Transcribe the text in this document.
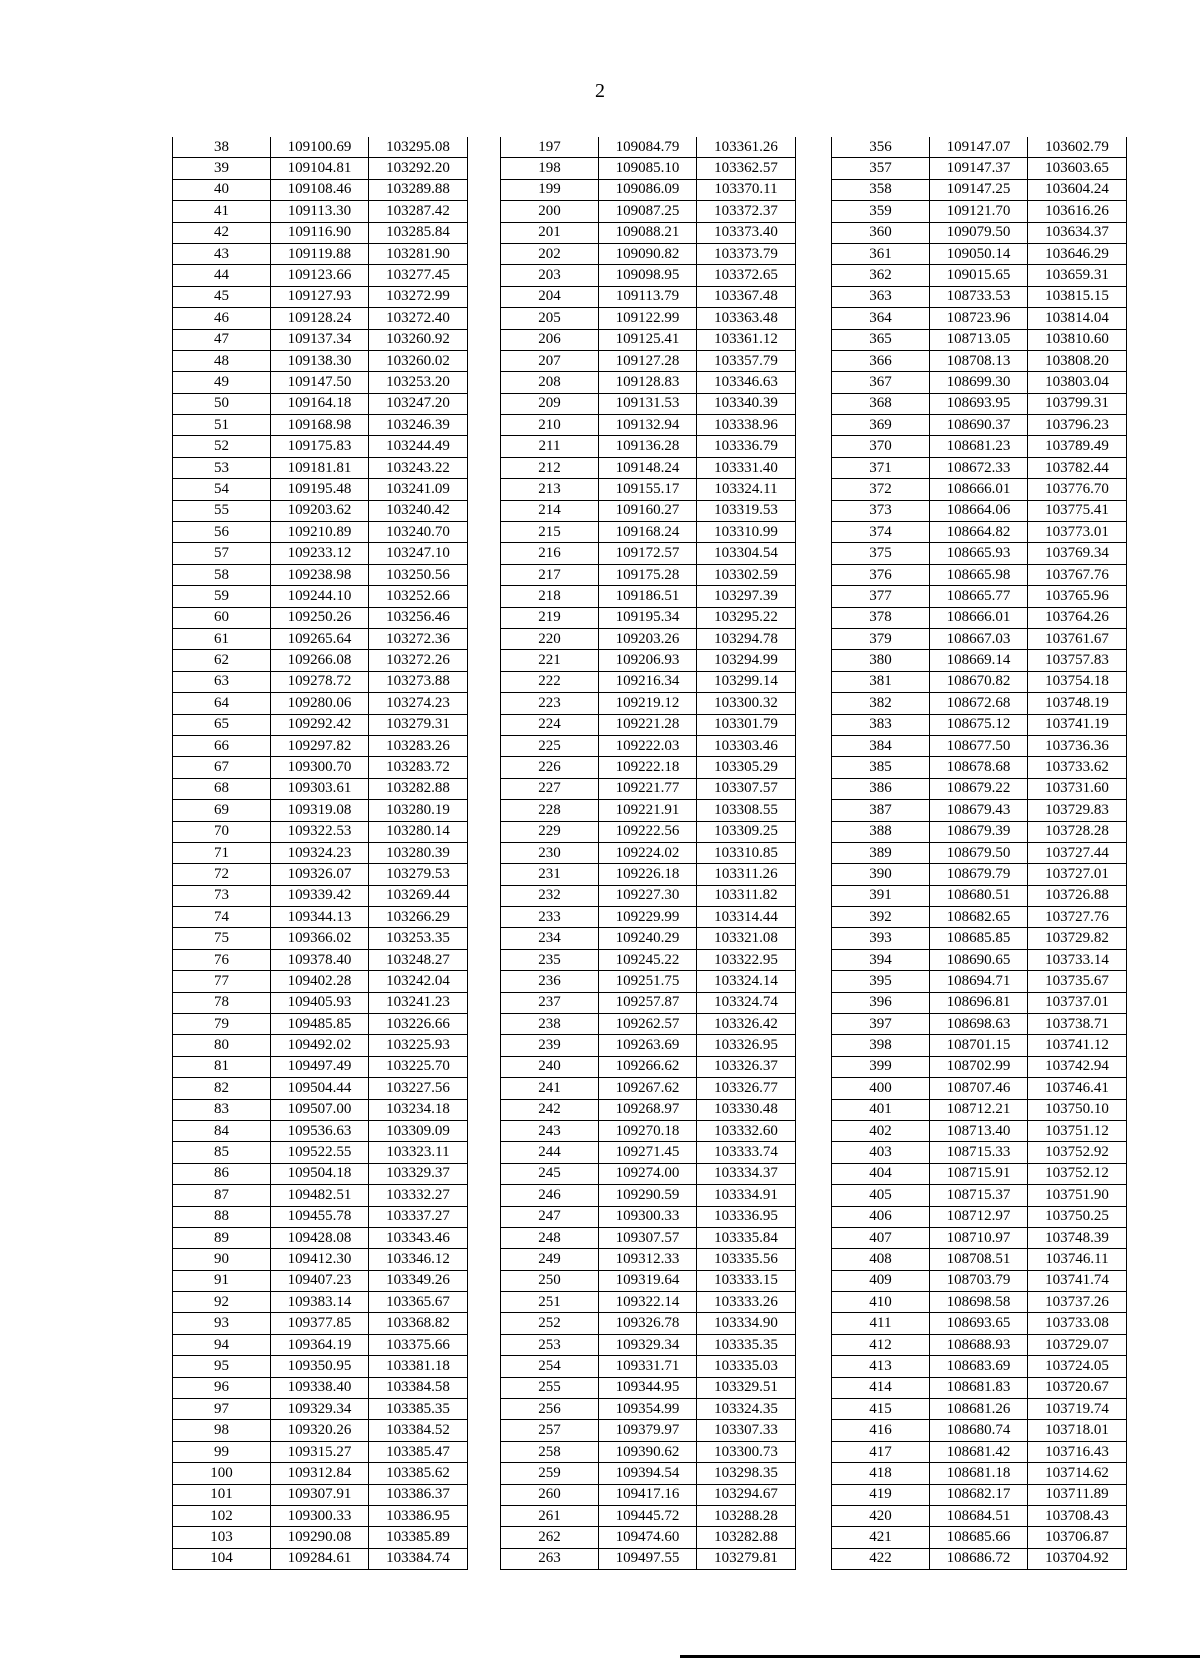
2
38	109100.69	103295.08
39	109104.81	103292.20
40	109108.46	103289.88
41	109113.30	103287.42
42	109116.90	103285.84
43	109119.88	103281.90
44	109123.66	103277.45
45	109127.93	103272.99
46	109128.24	103272.40
47	109137.34	103260.92
48	109138.30	103260.02
49	109147.50	103253.20
50	109164.18	103247.20
51	109168.98	103246.39
52	109175.83	103244.49
53	109181.81	103243.22
54	109195.48	103241.09
55	109203.62	103240.42
56	109210.89	103240.70
57	109233.12	103247.10
58	109238.98	103250.56
59	109244.10	103252.66
60	109250.26	103256.46
61	109265.64	103272.36
62	109266.08	103272.26
63	109278.72	103273.88
64	109280.06	103274.23
65	109292.42	103279.31
66	109297.82	103283.26
67	109300.70	103283.72
68	109303.61	103282.88
69	109319.08	103280.19
70	109322.53	103280.14
71	109324.23	103280.39
72	109326.07	103279.53
73	109339.42	103269.44
74	109344.13	103266.29
75	109366.02	103253.35
76	109378.40	103248.27
77	109402.28	103242.04
78	109405.93	103241.23
79	109485.85	103226.66
80	109492.02	103225.93
81	109497.49	103225.70
82	109504.44	103227.56
83	109507.00	103234.18
84	109536.63	103309.09
85	109522.55	103323.11
86	109504.18	103329.37
87	109482.51	103332.27
88	109455.78	103337.27
89	109428.08	103343.46
90	109412.30	103346.12
91	109407.23	103349.26
92	109383.14	103365.67
93	109377.85	103368.82
94	109364.19	103375.66
95	109350.95	103381.18
96	109338.40	103384.58
97	109329.34	103385.35
98	109320.26	103384.52
99	109315.27	103385.47
100	109312.84	103385.62
101	109307.91	103386.37
102	109300.33	103386.95
103	109290.08	103385.89
104	109284.61	103384.74
197	109084.79	103361.26
198	109085.10	103362.57
199	109086.09	103370.11
200	109087.25	103372.37
201	109088.21	103373.40
202	109090.82	103373.79
203	109098.95	103372.65
204	109113.79	103367.48
205	109122.99	103363.48
206	109125.41	103361.12
207	109127.28	103357.79
208	109128.83	103346.63
209	109131.53	103340.39
210	109132.94	103338.96
211	109136.28	103336.79
212	109148.24	103331.40
213	109155.17	103324.11
214	109160.27	103319.53
215	109168.24	103310.99
216	109172.57	103304.54
217	109175.28	103302.59
218	109186.51	103297.39
219	109195.34	103295.22
220	109203.26	103294.78
221	109206.93	103294.99
222	109216.34	103299.14
223	109219.12	103300.32
224	109221.28	103301.79
225	109222.03	103303.46
226	109222.18	103305.29
227	109221.77	103307.57
228	109221.91	103308.55
229	109222.56	103309.25
230	109224.02	103310.85
231	109226.18	103311.26
232	109227.30	103311.82
233	109229.99	103314.44
234	109240.29	103321.08
235	109245.22	103322.95
236	109251.75	103324.14
237	109257.87	103324.74
238	109262.57	103326.42
239	109263.69	103326.95
240	109266.62	103326.37
241	109267.62	103326.77
242	109268.97	103330.48
243	109270.18	103332.60
244	109271.45	103333.74
245	109274.00	103334.37
246	109290.59	103334.91
247	109300.33	103336.95
248	109307.57	103335.84
249	109312.33	103335.56
250	109319.64	103333.15
251	109322.14	103333.26
252	109326.78	103334.90
253	109329.34	103335.35
254	109331.71	103335.03
255	109344.95	103329.51
256	109354.99	103324.35
257	109379.97	103307.33
258	109390.62	103300.73
259	109394.54	103298.35
260	109417.16	103294.67
261	109445.72	103288.28
262	109474.60	103282.88
263	109497.55	103279.81
356	109147.07	103602.79
357	109147.37	103603.65
358	109147.25	103604.24
359	109121.70	103616.26
360	109079.50	103634.37
361	109050.14	103646.29
362	109015.65	103659.31
363	108733.53	103815.15
364	108723.96	103814.04
365	108713.05	103810.60
366	108708.13	103808.20
367	108699.30	103803.04
368	108693.95	103799.31
369	108690.37	103796.23
370	108681.23	103789.49
371	108672.33	103782.44
372	108666.01	103776.70
373	108664.06	103775.41
374	108664.82	103773.01
375	108665.93	103769.34
376	108665.98	103767.76
377	108665.77	103765.96
378	108666.01	103764.26
379	108667.03	103761.67
380	108669.14	103757.83
381	108670.82	103754.18
382	108672.68	103748.19
383	108675.12	103741.19
384	108677.50	103736.36
385	108678.68	103733.62
386	108679.22	103731.60
387	108679.43	103729.83
388	108679.39	103728.28
389	108679.50	103727.44
390	108679.79	103727.01
391	108680.51	103726.88
392	108682.65	103727.76
393	108685.85	103729.82
394	108690.65	103733.14
395	108694.71	103735.67
396	108696.81	103737.01
397	108698.63	103738.71
398	108701.15	103741.12
399	108702.99	103742.94
400	108707.46	103746.41
401	108712.21	103750.10
402	108713.40	103751.12
403	108715.33	103752.92
404	108715.91	103752.12
405	108715.37	103751.90
406	108712.97	103750.25
407	108710.97	103748.39
408	108708.51	103746.11
409	108703.79	103741.74
410	108698.58	103737.26
411	108693.65	103733.08
412	108688.93	103729.07
413	108683.69	103724.05
414	108681.83	103720.67
415	108681.26	103719.74
416	108680.74	103718.01
417	108681.42	103716.43
418	108681.18	103714.62
419	108682.17	103711.89
420	108684.51	103708.43
421	108685.66	103706.87
422	108686.72	103704.92
